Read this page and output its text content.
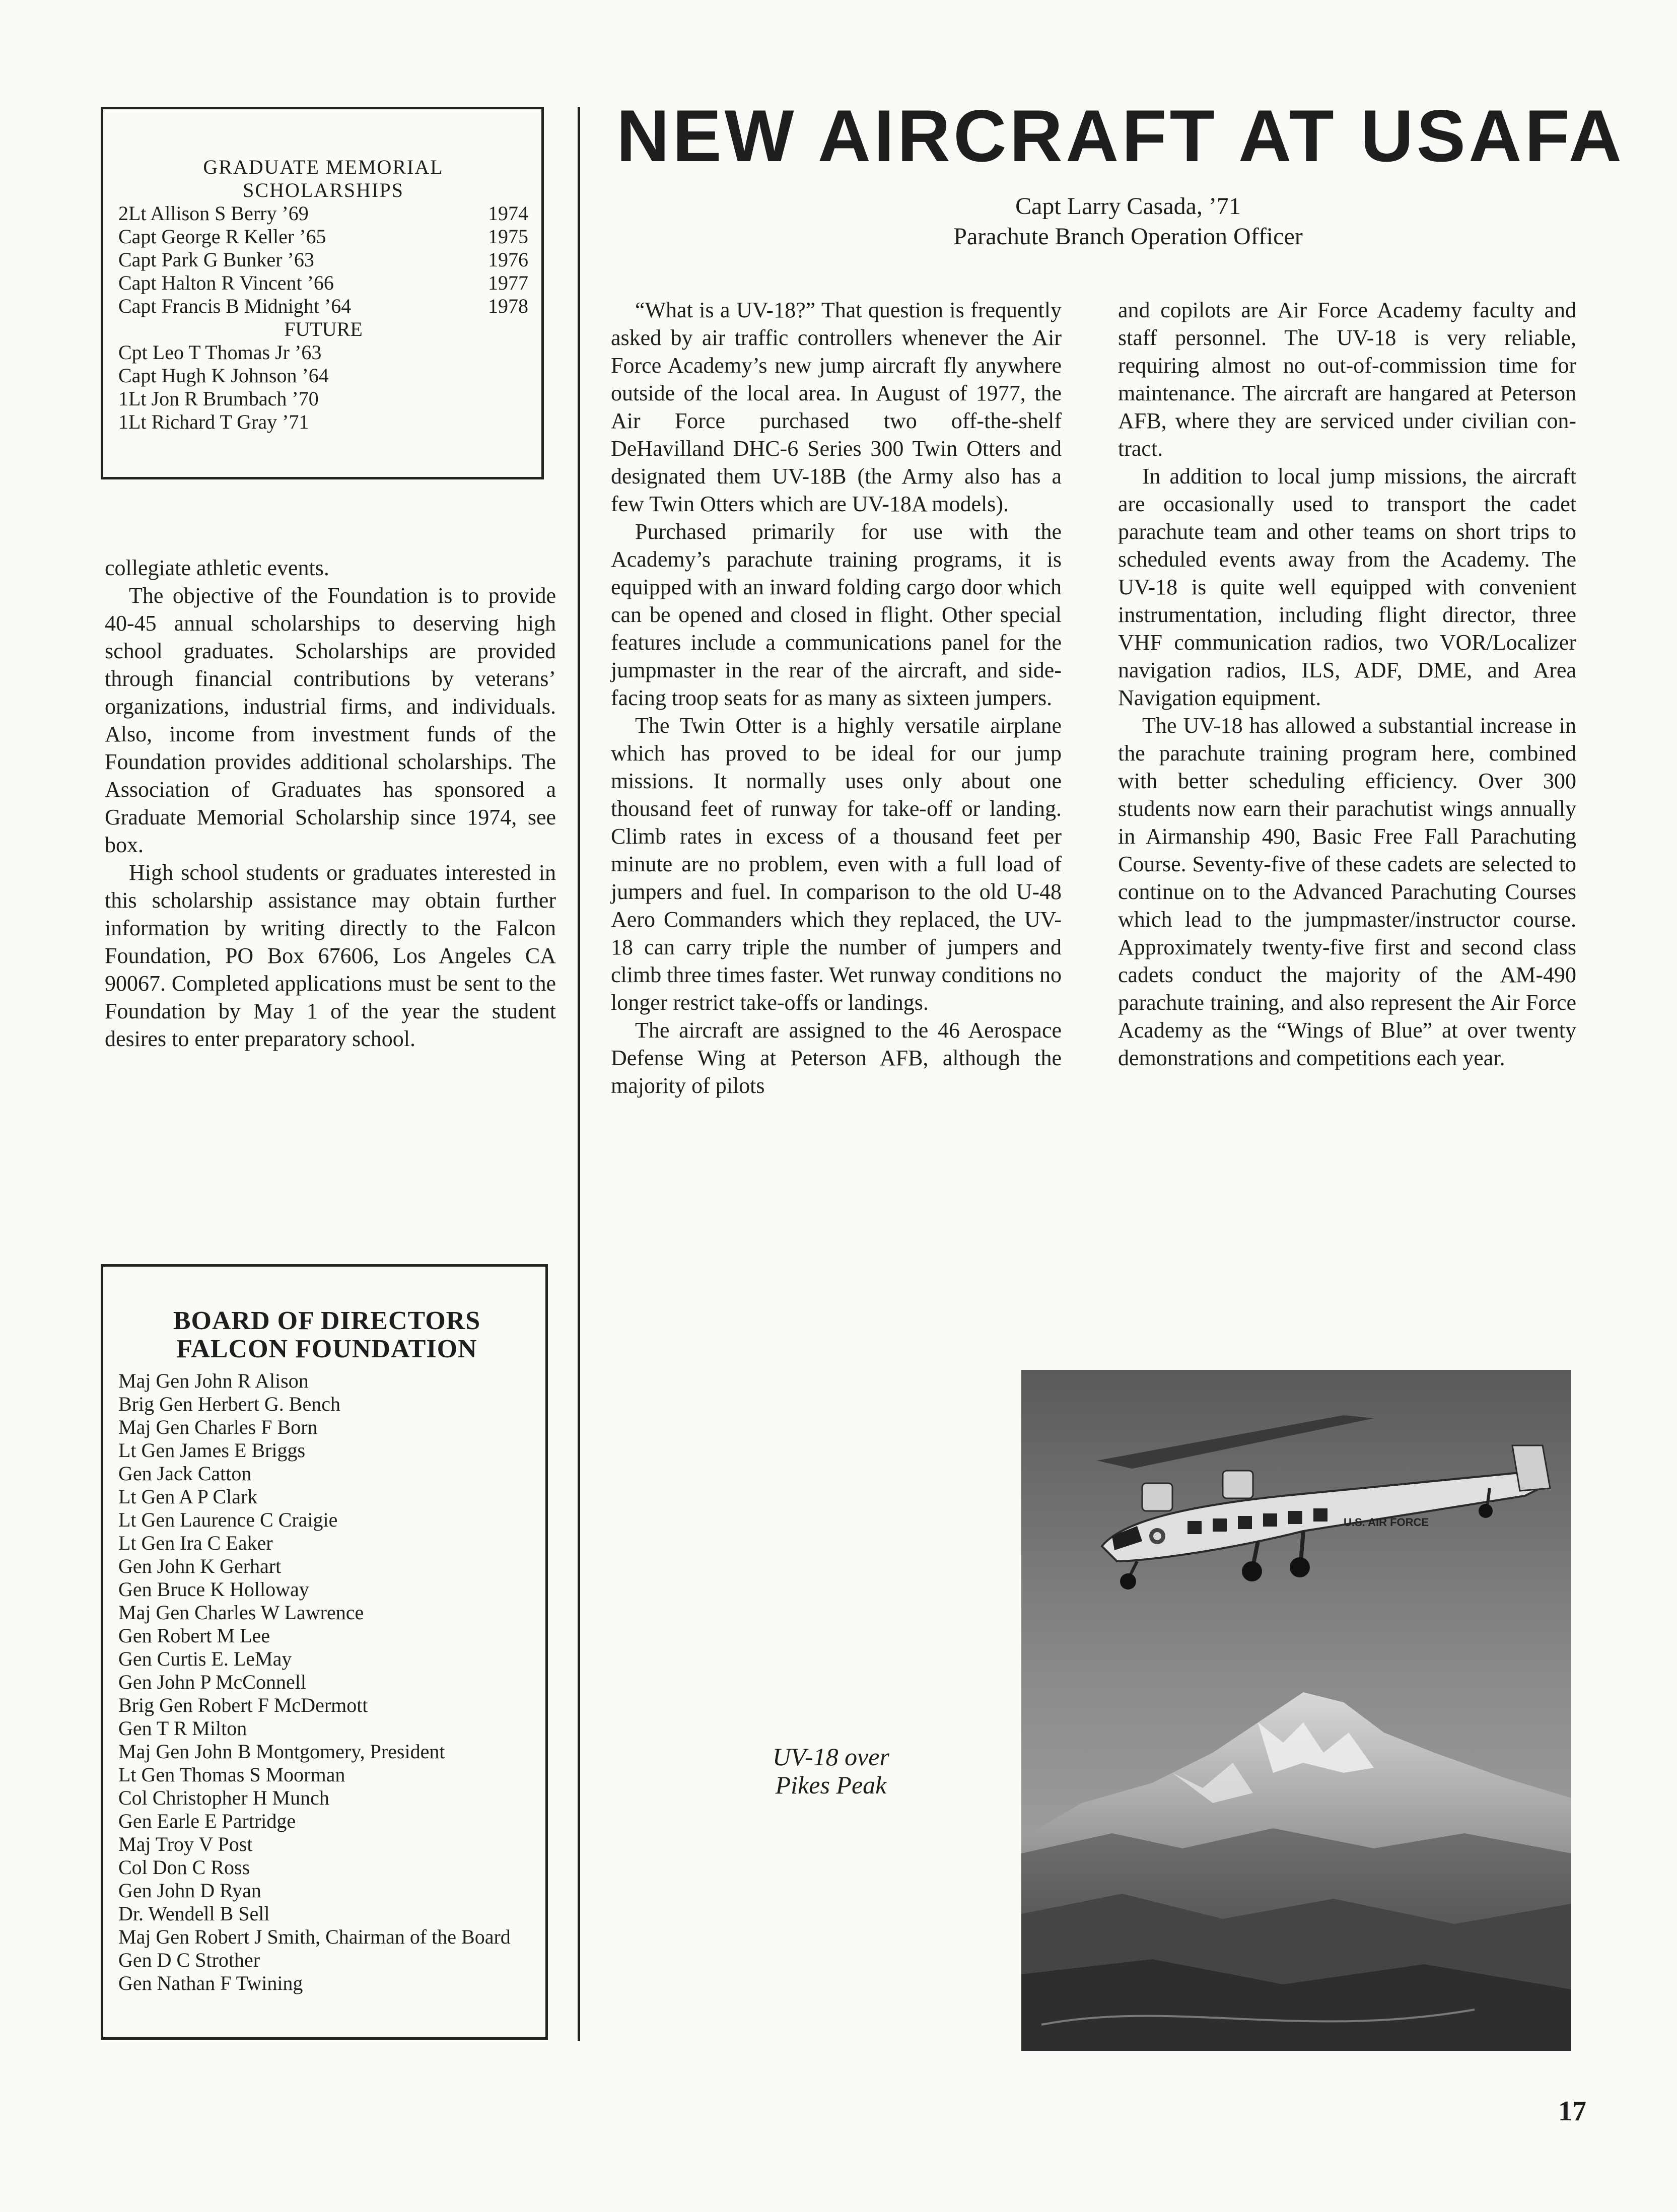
GRADUATE MEMORIAL
SCHOLARSHIPS
2Lt Allison S Berry ’69	1974
Capt George R Keller ’65	1975
Capt Park G Bunker ’63	1976
Capt Halton R Vincent ’66	1977
Capt Francis B Midnight ’64	1978
FUTURE
Cpt Leo T Thomas Jr ’63
Capt Hugh K Johnson ’64
1Lt Jon R Brumbach ’70
1Lt Richard T Gray ’71

collegiate athletic events.

The objective of the Foundation is to provide 40-45 annual scholarships to deserving high school graduates. Scholarships are provided through financial contributions by veterans’ organizations, industrial firms, and individuals. Also, income from investment funds of the Foundation provides additional scholarships. The Association of Graduates has sponsored a Graduate Memorial Scholarship since 1974, see box.

High school students or graduates interested in this scholarship assistance may obtain further information by writing directly to the Falcon Foundation, PO Box 67606, Los Angeles CA 90067. Completed applications must be sent to the Foundation by May 1 of the year the student desires to enter preparatory school.

BOARD OF DIRECTORS
FALCON FOUNDATION
Maj Gen John R Alison
Brig Gen Herbert G. Bench
Maj Gen Charles F Born
Lt Gen James E Briggs
Gen Jack Catton
Lt Gen A P Clark
Lt Gen Laurence C Craigie
Lt Gen Ira C Eaker
Gen John K Gerhart
Gen Bruce K Holloway
Maj Gen Charles W Lawrence
Gen Robert M Lee
Gen Curtis E. LeMay
Gen John P McConnell
Brig Gen Robert F McDermott
Gen T R Milton
Maj Gen John B Montgomery, President
Lt Gen Thomas S Moorman
Col Christopher H Munch
Gen Earle E Partridge
Maj Troy V Post
Col Don C Ross
Gen John D Ryan
Dr. Wendell B Sell
Maj Gen Robert J Smith, Chairman of the Board
Gen D C Strother
Gen Nathan F Twining
NEW AIRCRAFT AT USAFA
Capt Larry Casada, ’71
Parachute Branch Operation Officer

“What is a UV-18?” That question is frequently asked by air traffic controllers whenever the Air Force Academy’s new jump aircraft fly anywhere outside of the local area. In August of 1977, the Air Force purchased two off-the-shelf DeHavilland DHC-6 Series 300 Twin Otters and designated them UV-18B (the Army also has a few Twin Otters which are UV-18A models).

Purchased primarily for use with the Academy’s parachute training programs, it is equipped with an inward folding cargo door which can be opened and closed in flight. Other special features include a communications panel for the jumpmaster in the rear of the aircraft, and side-facing troop seats for as many as sixteen jumpers.

The Twin Otter is a highly versatile airplane which has proved to be ideal for our jump missions. It normally uses only about one thousand feet of runway for take-off or landing. Climb rates in excess of a thousand feet per minute are no problem, even with a full load of jumpers and fuel. In comparison to the old U-48 Aero Commanders which they replaced, the UV-18 can carry triple the number of jumpers and climb three times faster. Wet runway conditions no longer restrict take-offs or landings.

The aircraft are assigned to the 46 Aerospace Defense Wing at Peterson AFB, although the majority of pilots

and copilots are Air Force Academy faculty and staff personnel. The UV-18 is very reliable, requiring almost no out-of-commission time for maintenance. The aircraft are hangared at Peterson AFB, where they are serviced under civilian contract.

In addition to local jump missions, the aircraft are occasionally used to transport the cadet parachute team and other teams on short trips to scheduled events away from the Academy. The UV-18 is quite well equipped with convenient instrumentation, including flight director, three VHF communication radios, two VOR/Localizer navigation radios, ILS, ADF, DME, and Area Navigation equipment.

The UV-18 has allowed a substantial increase in the parachute training program here, combined with better scheduling efficiency. Over 300 students now earn their parachutist wings annually in Airmanship 490, Basic Free Fall Parachuting Course. Seventy-five of these cadets are selected to continue on to the Advanced Parachuting Courses which lead to the jumpmaster/instructor course. Approximately twenty-five first and second class cadets conduct the majority of the AM-490 parachute training, and also represent the Air Force Academy as the “Wings of Blue” at over twenty demonstrations and competitions each year.

U.S. AIR FORCE
UV-18 over
Pikes Peak
17
